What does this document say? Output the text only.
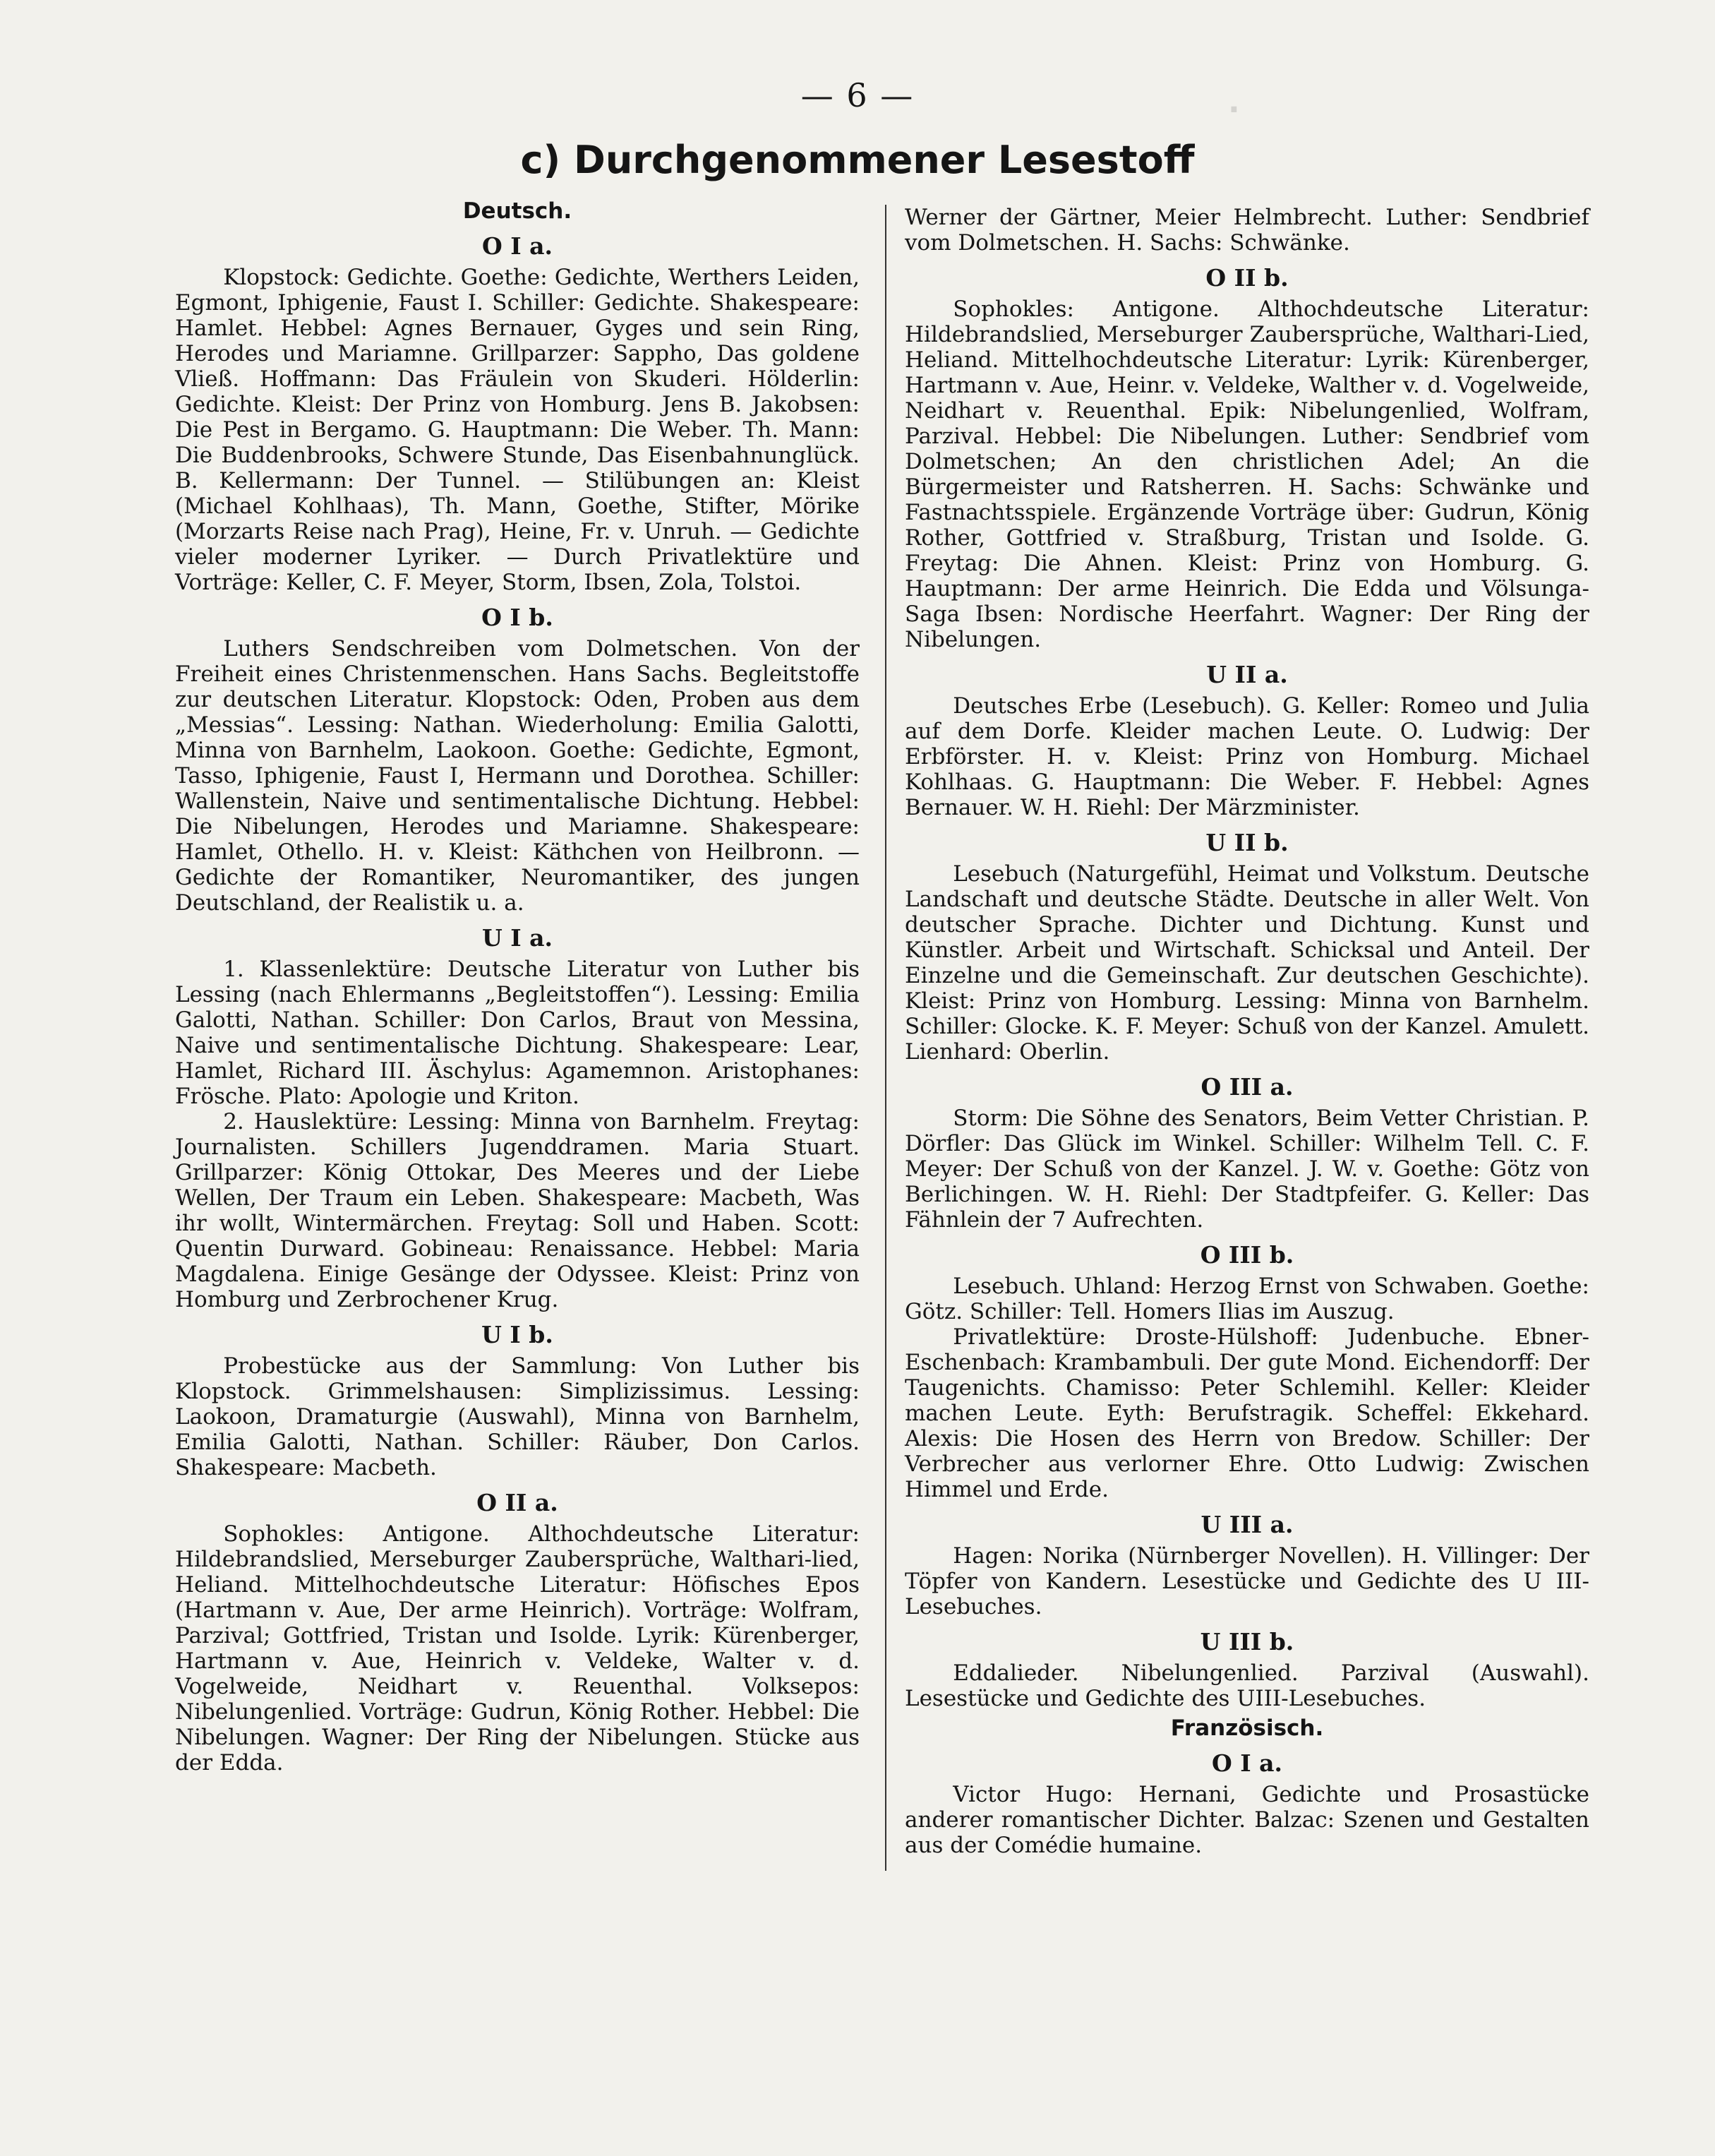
·
— 6 —
c) Durchgenommener Lesestoff
Deutsch.
O I a.

Klopstock: Gedichte. Goethe: Gedichte, Werthers Leiden, Egmont, Iphigenie, Faust I. Schiller: Gedichte. Shakespeare: Hamlet. Hebbel: Agnes Bernauer, Gyges und sein Ring, Herodes und Mariamne. Grillparzer: Sappho, Das goldene Vließ. Hoffmann: Das Fräulein von Skuderi. Hölderlin: Gedichte. Kleist: Der Prinz von Homburg. Jens B. Jakobsen: Die Pest in Bergamo. G. Hauptmann: Die Weber. Th. Mann: Die Buddenbrooks, Schwere Stunde, Das Eisenbahnunglück. B. Kellermann: Der Tunnel. — Stilübungen an: Kleist (Michael Kohlhaas), Th. Mann, Goethe, Stifter, Mörike (Morzarts Reise nach Prag), Heine, Fr. v. Unruh. — Gedichte vieler moderner Lyriker. — Durch Privatlektüre und Vorträge: Keller, C. F. Meyer, Storm, Ibsen, Zola, Tolstoi.

O I b.

Luthers Sendschreiben vom Dolmetschen. Von der Freiheit eines Christenmenschen. Hans Sachs. Begleitstoffe zur deutschen Literatur. Klopstock: Oden, Proben aus dem „Messias“. Lessing: Nathan. Wiederholung: Emilia Galotti, Minna von Barnhelm, Laokoon. Goethe: Gedichte, Egmont, Tasso, Iphigenie, Faust I, Hermann und Dorothea. Schiller: Wallenstein, Naive und sentimentalische Dichtung. Hebbel: Die Nibelungen, Herodes und Mariamne. Shakespeare: Hamlet, Othello. H. v. Kleist: Käthchen von Heilbronn. — Gedichte der Romantiker, Neuromantiker, des jungen Deutschland, der Realistik u. a.

U I a.

1. Klassenlektüre: Deutsche Literatur von Luther bis Lessing (nach Ehlermanns „Begleitstoffen“). Lessing: Emilia Galotti, Nathan. Schiller: Don Carlos, Braut von Messina, Naive und sentimentalische Dichtung. Shakespeare: Lear, Hamlet, Richard III. Äschylus: Agamemnon. Aristophanes: Frösche. Plato: Apologie und Kriton.

2. Hauslektüre: Lessing: Minna von Barnhelm. Freytag: Journalisten. Schillers Jugenddramen. Maria Stuart. Grillparzer: König Ottokar, Des Meeres und der Liebe Wellen, Der Traum ein Leben. Shakespeare: Macbeth, Was ihr wollt, Wintermärchen. Freytag: Soll und Haben. Scott: Quentin Durward. Gobineau: Renaissance. Hebbel: Maria Magdalena. Einige Gesänge der Odyssee. Kleist: Prinz von Homburg und Zerbrochener Krug.

U I b.

Probestücke aus der Sammlung: Von Luther bis Klopstock. Grimmelshausen: Simplizissimus. Lessing: Laokoon, Dramaturgie (Auswahl), Minna von Barnhelm, Emilia Galotti, Nathan. Schiller: Räuber, Don Carlos. Shakespeare: Macbeth.

O II a.

Sophokles: Antigone. Althochdeutsche Literatur: Hildebrandslied, Merseburger Zaubersprüche, Walthari-lied, Heliand. Mittelhochdeutsche Literatur: Höfisches Epos (Hartmann v. Aue, Der arme Heinrich). Vorträge: Wolfram, Parzival; Gottfried, Tristan und Isolde. Lyrik: Kürenberger, Hartmann v. Aue, Heinrich v. Veldeke, Walter v. d. Vogelweide, Neidhart v. Reuenthal. Volksepos: Nibelungenlied. Vorträge: Gudrun, König Rother. Hebbel: Die Nibelungen. Wagner: Der Ring der Nibelungen. Stücke aus der Edda.

Werner der Gärtner, Meier Helmbrecht. Luther: Sendbrief vom Dolmetschen. H. Sachs: Schwänke.

O II b.

Sophokles: Antigone. Althochdeutsche Literatur: Hildebrandslied, Merseburger Zaubersprüche, Walthari-Lied, Heliand. Mittelhochdeutsche Literatur: Lyrik: Kürenberger, Hartmann v. Aue, Heinr. v. Veldeke, Walther v. d. Vogelweide, Neidhart v. Reuenthal. Epik: Nibelungenlied, Wolfram, Parzival. Hebbel: Die Nibelungen. Luther: Sendbrief vom Dolmetschen; An den christlichen Adel; An die Bürgermeister und Ratsherren. H. Sachs: Schwänke und Fastnachtsspiele. Ergänzende Vorträge über: Gudrun, König Rother, Gottfried v. Straßburg, Tristan und Isolde. G. Freytag: Die Ahnen. Kleist: Prinz von Homburg. G. Hauptmann: Der arme Heinrich. Die Edda und Völsunga-Saga Ibsen: Nordische Heerfahrt. Wagner: Der Ring der Nibelungen.

U II a.

Deutsches Erbe (Lesebuch). G. Keller: Romeo und Julia auf dem Dorfe. Kleider machen Leute. O. Ludwig: Der Erbförster. H. v. Kleist: Prinz von Homburg. Michael Kohlhaas. G. Hauptmann: Die Weber. F. Hebbel: Agnes Bernauer. W. H. Riehl: Der Märzminister.

U II b.

Lesebuch (Naturgefühl, Heimat und Volkstum. Deutsche Landschaft und deutsche Städte. Deutsche in aller Welt. Von deutscher Sprache. Dichter und Dichtung. Kunst und Künstler. Arbeit und Wirtschaft. Schicksal und Anteil. Der Einzelne und die Gemeinschaft. Zur deutschen Geschichte). Kleist: Prinz von Homburg. Lessing: Minna von Barnhelm. Schiller: Glocke. K. F. Meyer: Schuß von der Kanzel. Amulett. Lienhard: Oberlin.

O III a.

Storm: Die Söhne des Senators, Beim Vetter Christian. P. Dörfler: Das Glück im Winkel. Schiller: Wilhelm Tell. C. F. Meyer: Der Schuß von der Kanzel. J. W. v. Goethe: Götz von Berlichingen. W. H. Riehl: Der Stadtpfeifer. G. Keller: Das Fähnlein der 7 Aufrechten.

O III b.

Lesebuch. Uhland: Herzog Ernst von Schwaben. Goethe: Götz. Schiller: Tell. Homers Ilias im Auszug.

Privatlektüre: Droste-Hülshoff: Judenbuche. Ebner-Eschenbach: Krambambuli. Der gute Mond. Eichendorff: Der Taugenichts. Chamisso: Peter Schlemihl. Keller: Kleider machen Leute. Eyth: Berufstragik. Scheffel: Ekkehard. Alexis: Die Hosen des Herrn von Bredow. Schiller: Der Verbrecher aus verlorner Ehre. Otto Ludwig: Zwischen Himmel und Erde.

U III a.

Hagen: Norika (Nürnberger Novellen). H. Villinger: Der Töpfer von Kandern. Lesestücke und Gedichte des U III-Lesebuches.

U III b.

Eddalieder. Nibelungenlied. Parzival (Auswahl). Lesestücke und Gedichte des UIII-Lesebuches.

Französisch.
O I a.

Victor Hugo: Hernani, Gedichte und Prosastücke anderer romantischer Dichter. Balzac: Szenen und Gestalten aus der Comédie humaine.
